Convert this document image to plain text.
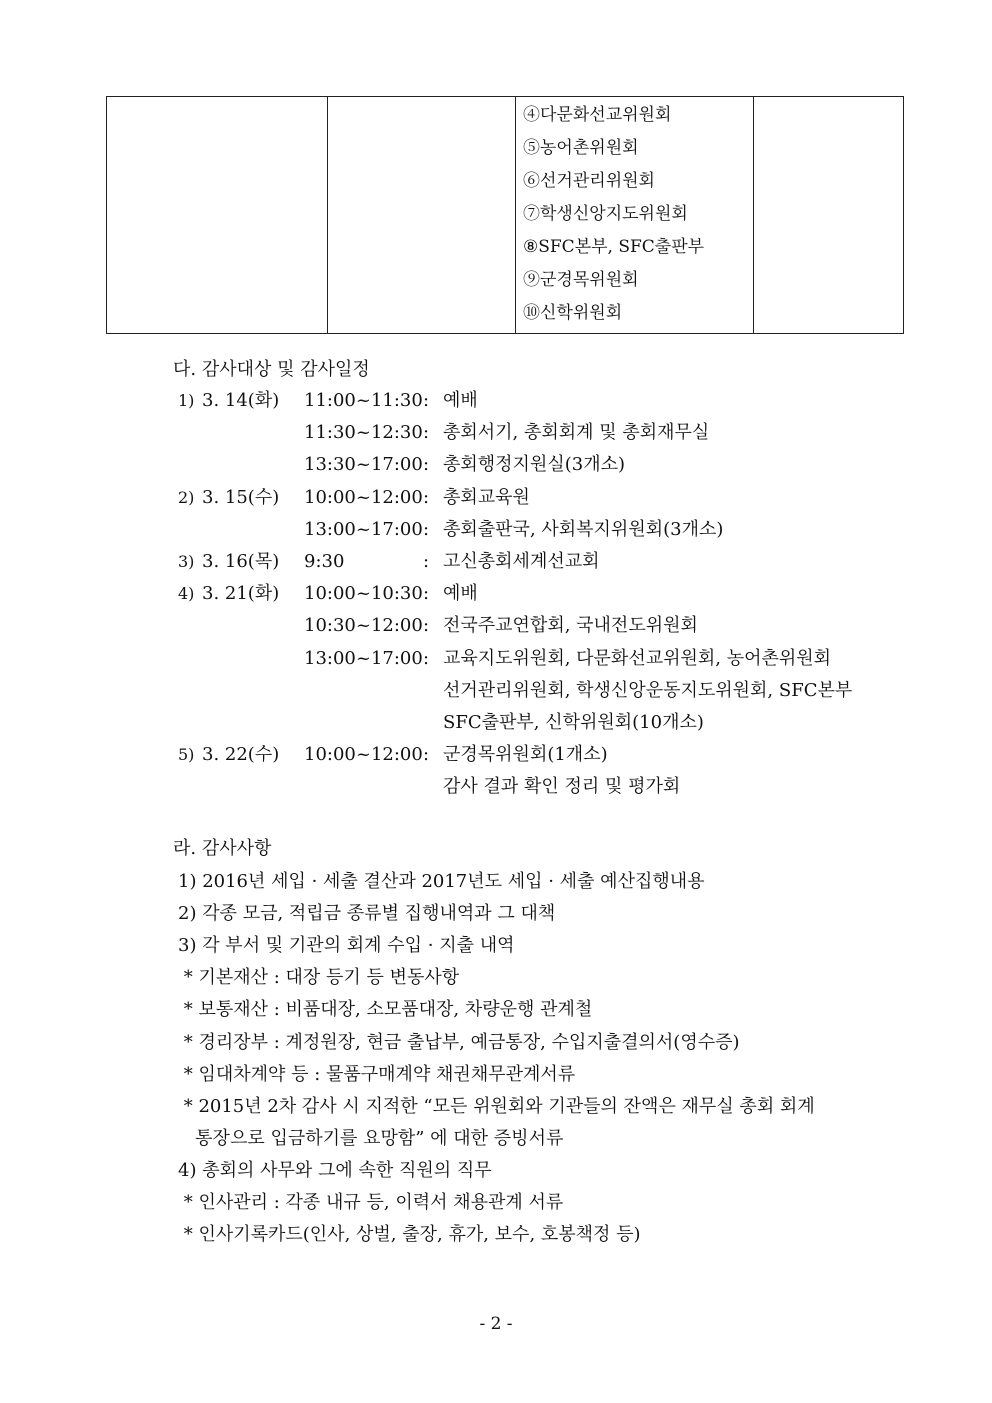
④다문화선교위원회
⑤농어촌위원회
⑥선거관리위원회
⑦학생신앙지도위원회
⑧SFC본부, SFC출판부
⑨군경목위원회
⑩신학위원회

다. 감사대상 및 감사일정
1) 3. 14(화) 11:00~11:30 : 예배
11:30~12:30 : 총회서기, 총회회계 및 총회재무실
13:30~17:00 : 총회행정지원실(3개소)
2) 3. 15(수) 10:00~12:00 : 총회교육원
13:00~17:00 : 총회출판국, 사회복지위원회(3개소)
3) 3. 16(목) 9:30	: 고신총회세계선교회
4) 3. 21(화) 10:00~10:30 : 예배
10:30~12:00 : 전국주교연합회, 국내전도위원회
13:00~17:00 : 교육지도위원회, 다문화선교위원회, 농어촌위원회
선거관리위원회, 학생신앙운동지도위원회, SFC본부
SFC출판부, 신학위원회(10개소)
5) 3. 22(수) 10:00~12:00 : 군경목위원회(1개소)
감사 결과 확인 정리 및 평가회
라. 감사사항
1) 2016년 세입 · 세출 결산과 2017년도 세입 · 세출 예산집행내용
2) 각종 모금, 적립금 종류별 집행내역과 그 대책
3) 각 부서 및 기관의 회계 수입 · 지출 내역
* 기본재산 : 대장 등기 등 변동사항
* 보통재산 : 비품대장, 소모품대장, 차량운행 관계철
* 경리장부 : 계정원장, 현금 출납부, 예금통장, 수입지출결의서(영수증)
* 임대차계약 등 : 물품구매계약 채권채무관계서류
* 2015년 2차 감사 시 지적한 “모든 위원회와 기관들의 잔액은 재무실 총회 회계
통장으로 입금하기를 요망함” 에 대한 증빙서류
4) 총회의 사무와 그에 속한 직원의 직무
* 인사관리 : 각종 내규 등, 이력서 채용관계 서류
* 인사기록카드(인사, 상벌, 출장, 휴가, 보수, 호봉책정 등)
- 2 -
